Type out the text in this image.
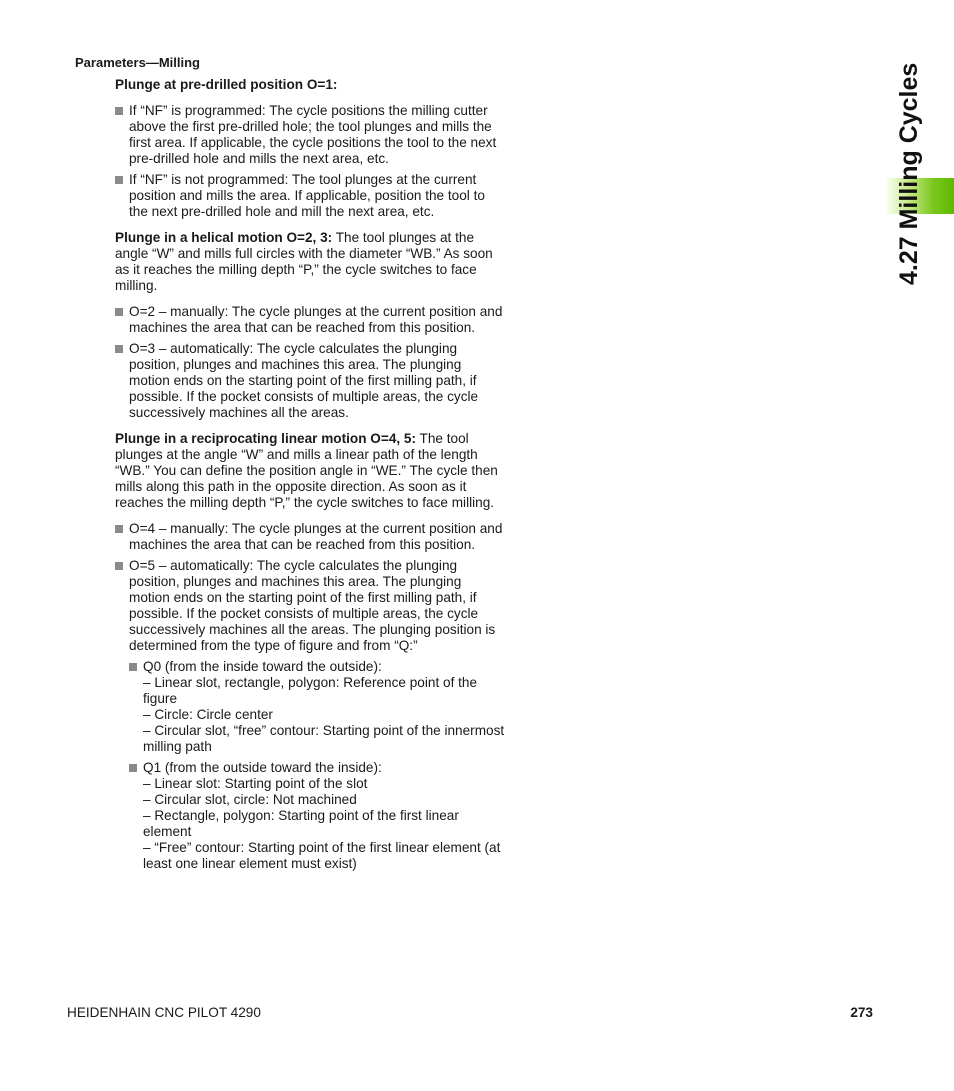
Parameters—Milling
4.27 Milling Cycles

Plunge at pre-drilled position O=1:

If “NF” is programmed: The cycle positions the milling cutter above the first pre-drilled hole; the tool plunges and mills the first area. If applicable, the cycle positions the tool to the next pre-drilled hole and mills the next area, etc.
If “NF” is not programmed: The tool plunges at the current position and mills the area. If applicable, position the tool to the next pre-drilled hole and mill the next area, etc.

Plunge in a helical motion O=2, 3: The tool plunges at the angle “W” and mills full circles with the diameter “WB.” As soon as it reaches the milling depth “P,” the cycle switches to face milling.

O=2 – manually: The cycle plunges at the current position and machines the area that can be reached from this position.
O=3 – automatically: The cycle calculates the plunging position, plunges and machines this area. The plunging motion ends on the starting point of the first milling path, if possible. If the pocket consists of multiple areas, the cycle successively machines all the areas.

Plunge in a reciprocating linear motion O=4, 5: The tool plunges at the angle “W” and mills a linear path of the length “WB.” You can define the position angle in “WE.” The cycle then mills along this path in the opposite direction. As soon as it reaches the milling depth “P,” the cycle switches to face milling.

O=4 – manually: The cycle plunges at the current position and machines the area that can be reached from this position.
O=5 – automatically: The cycle calculates the plunging position, plunges and machines this area. The plunging motion ends on the starting point of the first milling path, if possible. If the pocket consists of multiple areas, the cycle successively machines all the areas. The plunging position is determined from the type of figure and from “Q:”
Q0 (from the inside toward the outside):
– Linear slot, rectangle, polygon: Reference point of the figure
– Circle: Circle center
– Circular slot, “free” contour: Starting point of the innermost milling path
Q1 (from the outside toward the inside):
– Linear slot: Starting point of the slot
– Circular slot, circle: Not machined
– Rectangle, polygon: Starting point of the first linear element
– “Free” contour: Starting point of the first linear element (at least one linear element must exist)
HEIDENHAIN CNC PILOT 4290	273
